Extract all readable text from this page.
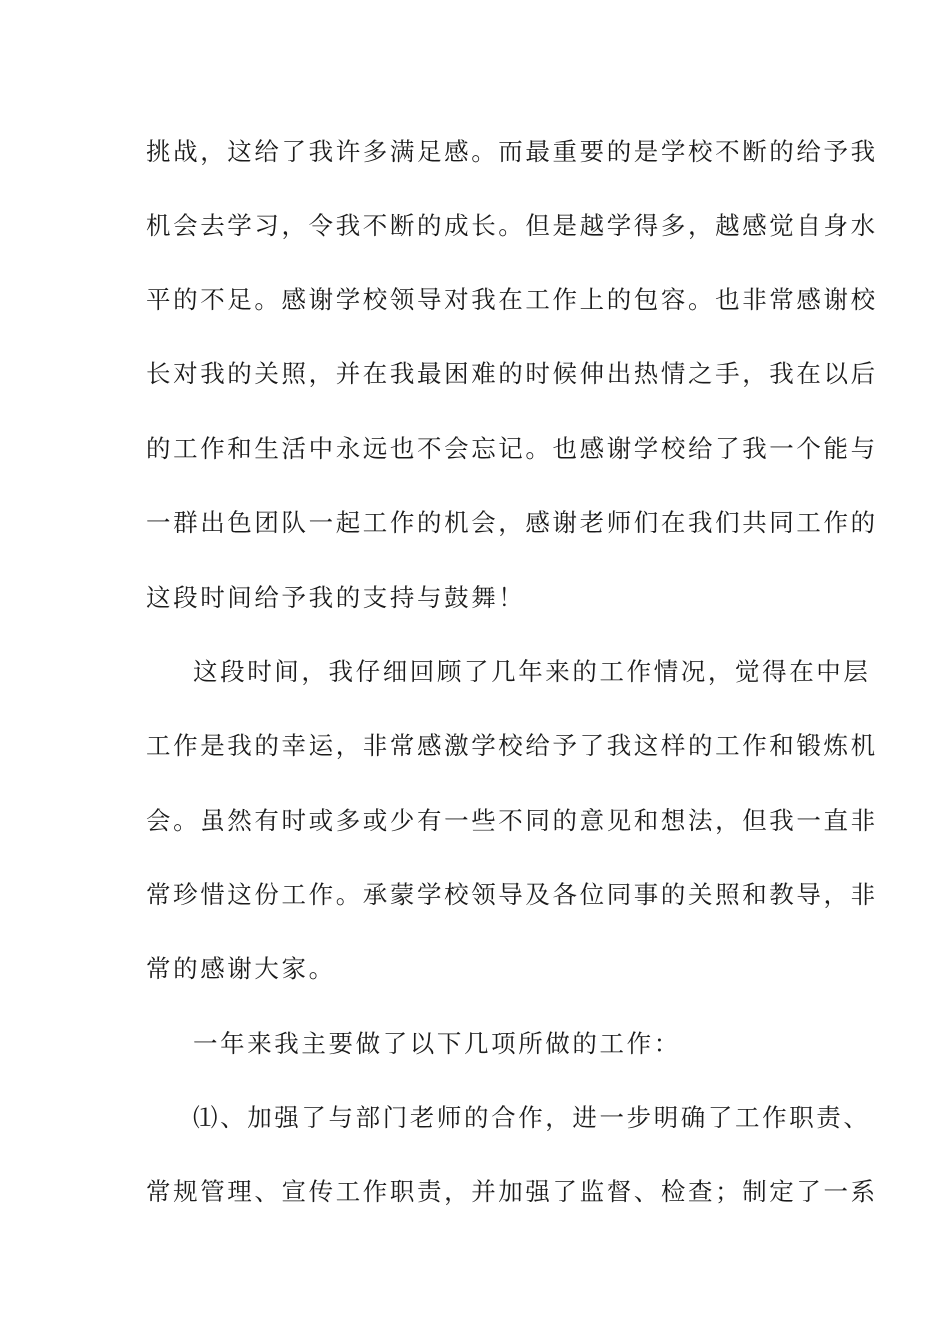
挑战，这给了我许多满足感。而最重要的是学校不断的给予我
机会去学习，令我不断的成长。但是越学得多，越感觉自身水
平的不足。感谢学校领导对我在工作上的包容。也非常感谢校
长对我的关照，并在我最困难的时候伸出热情之手，我在以后
的工作和生活中永远也不会忘记。也感谢学校给了我一个能与
一群出色团队一起工作的机会，感谢老师们在我们共同工作的
这段时间给予我的支持与鼓舞！
这段时间，我仔细回顾了几年来的工作情况，觉得在中层
工作是我的幸运，非常感激学校给予了我这样的工作和锻炼机
会。虽然有时或多或少有一些不同的意见和想法，但我一直非
常珍惜这份工作。承蒙学校领导及各位同事的关照和教导，非
常的感谢大家。
一年来我主要做了以下几项所做的工作：
⑴、加强了与部门老师的合作，进一步明确了工作职责、
常规管理、宣传工作职责，并加强了监督、检查；制定了一系
